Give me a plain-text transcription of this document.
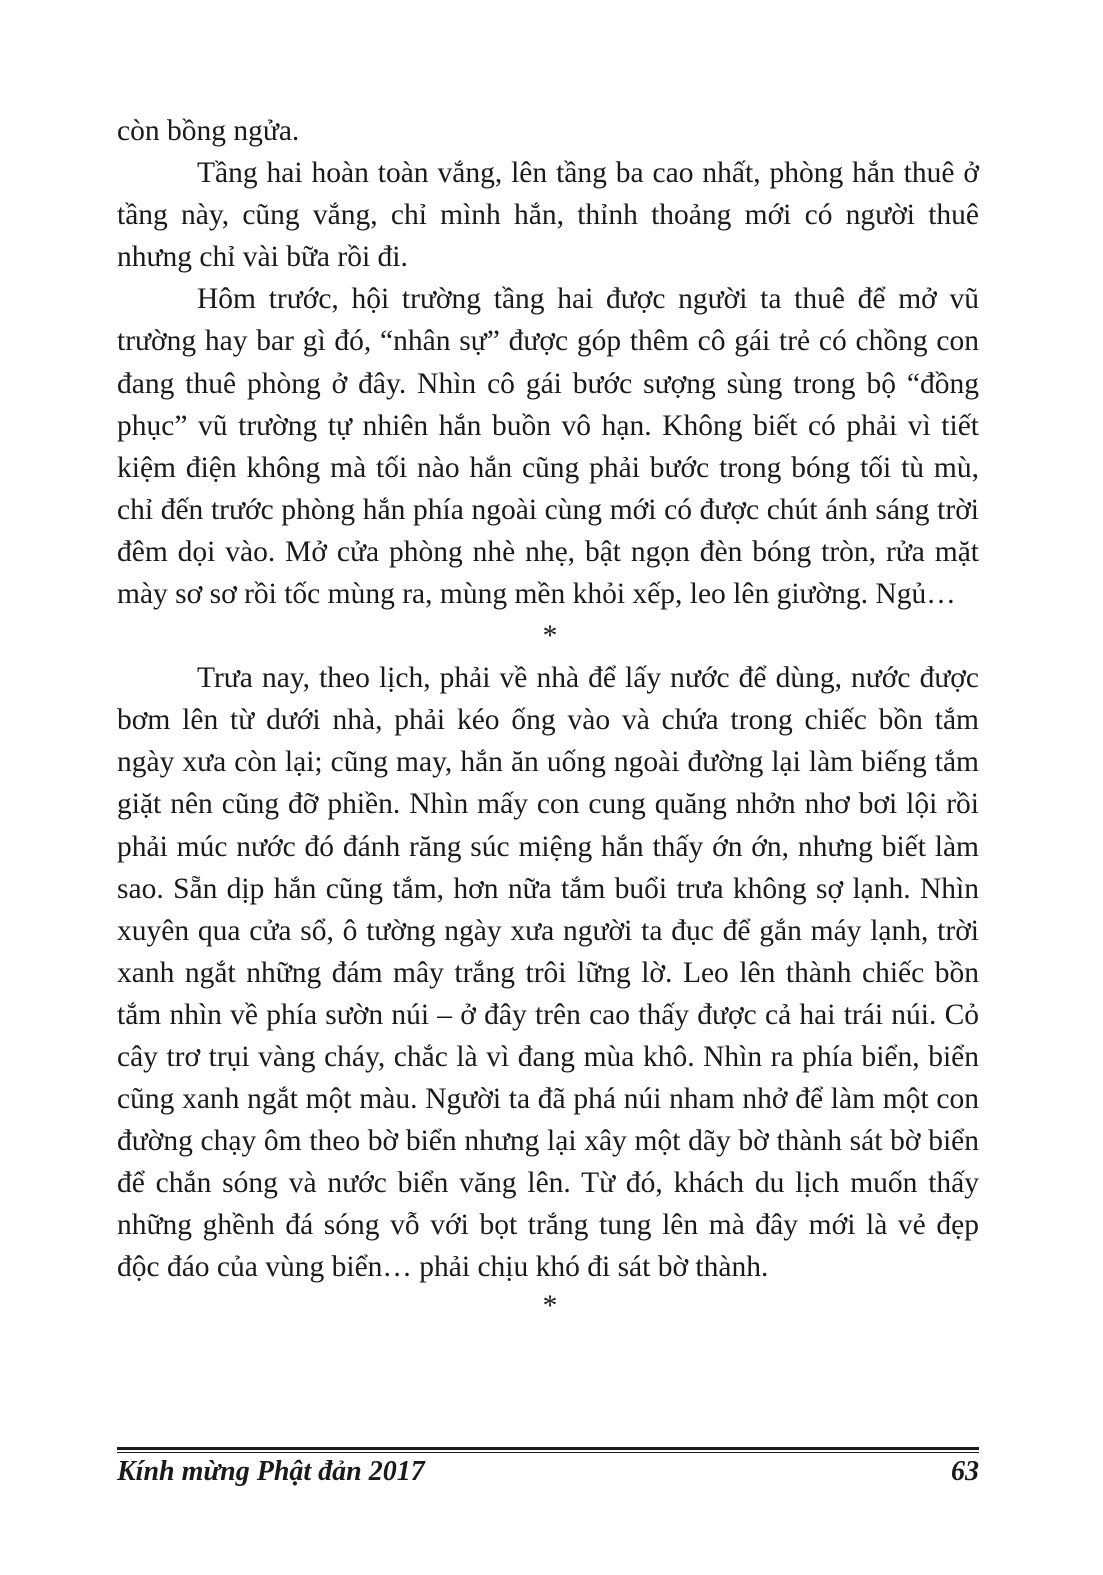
còn bồng ngửa.

Tầng hai hoàn toàn vắng, lên tầng ba cao nhất, phòng hắn thuê ở tầng này, cũng vắng, chỉ mình hắn, thỉnh thoảng mới có người thuê nhưng chỉ vài bữa rồi đi.

Hôm trước, hội trường tầng hai được người ta thuê để mở vũ trường hay bar gì đó, “nhân sự” được góp thêm cô gái trẻ có chồng con đang thuê phòng ở đây. Nhìn cô gái bước sượng sùng trong bộ “đồng phục” vũ trường tự nhiên hắn buồn vô hạn. Không biết có phải vì tiết kiệm điện không mà tối nào hắn cũng phải bước trong bóng tối tù mù, chỉ đến trước phòng hắn phía ngoài cùng mới có được chút ánh sáng trời đêm dọi vào. Mở cửa phòng nhè nhẹ, bật ngọn đèn bóng tròn, rửa mặt mày sơ sơ rồi tốc mùng ra, mùng mền khỏi xếp, leo lên giường. Ngủ…

*

Trưa nay, theo lịch, phải về nhà để lấy nước để dùng, nước được bơm lên từ dưới nhà, phải kéo ống vào và chứa trong chiếc bồn tắm ngày xưa còn lại; cũng may, hắn ăn uống ngoài đường lại làm biếng tắm giặt nên cũng đỡ phiền. Nhìn mấy con cung quăng nhởn nhơ bơi lội rồi phải múc nước đó đánh răng súc miệng hắn thấy ớn ớn, nhưng biết làm sao. Sẵn dịp hắn cũng tắm, hơn nữa tắm buổi trưa không sợ lạnh. Nhìn xuyên qua cửa sổ, ô tường ngày xưa người ta đục để gắn máy lạnh, trời xanh ngắt những đám mây trắng trôi lững lờ. Leo lên thành chiếc bồn tắm nhìn về phía sườn núi – ở đây trên cao thấy được cả hai trái núi. Cỏ cây trơ trụi vàng cháy, chắc là vì đang mùa khô. Nhìn ra phía biển, biển cũng xanh ngắt một màu. Người ta đã phá núi nham nhở để làm một con đường chạy ôm theo bờ biển nhưng lại xây một dãy bờ thành sát bờ biển để chắn sóng và nước biển văng lên. Từ đó, khách du lịch muốn thấy những ghềnh đá sóng vỗ với bọt trắng tung lên mà đây mới là vẻ đẹp độc đáo của vùng biển… phải chịu khó đi sát bờ thành.

*
Kính mừng Phật đản 2017	63
